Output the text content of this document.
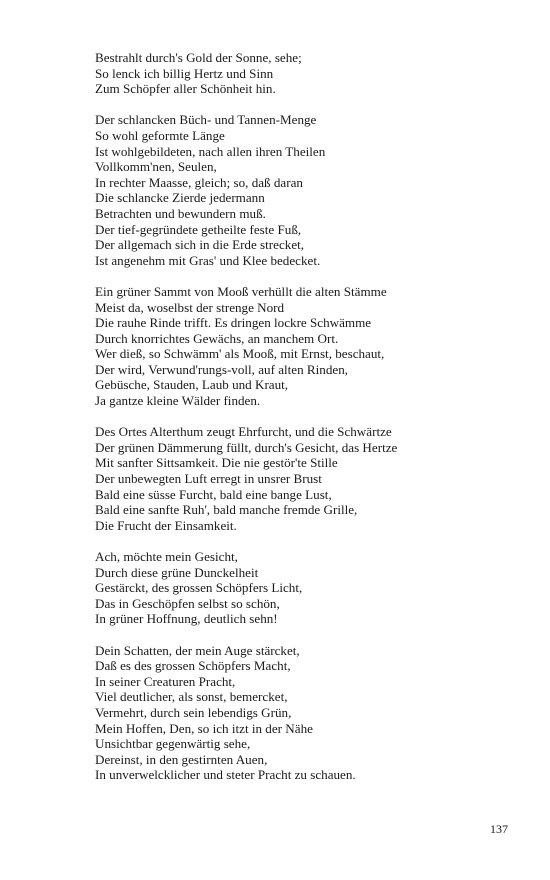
Bestrahlt durch's Gold der Sonne, sehe;
So lenck ich billig Hertz und Sinn
Zum Schöpfer aller Schönheit hin.
Der schlancken Büch- und Tannen-Menge
So wohl geformte Länge
Ist wohlgebildeten, nach allen ihren Theilen
Vollkomm'nen, Seulen,
In rechter Maasse, gleich; so, daß daran
Die schlancke Zierde jedermann
Betrachten und bewundern muß.
Der tief-gegründete getheilte feste Fuß,
Der allgemach sich in die Erde strecket,
Ist angenehm mit Gras' und Klee bedecket.
Ein grüner Sammt von Mooß verhüllt die alten Stämme
Meist da, woselbst der strenge Nord
Die rauhe Rinde trifft. Es dringen lockre Schwämme
Durch knorrichtes Gewächs, an manchem Ort.
Wer dieß, so Schwämm' als Mooß, mit Ernst, beschaut,
Der wird, Verwund'rungs-voll, auf alten Rinden,
Gebüsche, Stauden, Laub und Kraut,
Ja gantze kleine Wälder finden.
Des Ortes Alterthum zeugt Ehrfurcht, und die Schwärtze
Der grünen Dämmerung füllt, durch's Gesicht, das Hertze
Mit sanfter Sittsamkeit. Die nie gestör'te Stille
Der unbewegten Luft erregt in unsrer Brust
Bald eine süsse Furcht, bald eine bange Lust,
Bald eine sanfte Ruh', bald manche fremde Grille,
Die Frucht der Einsamkeit.
Ach, möchte mein Gesicht,
Durch diese grüne Dunckelheit
Gestärckt, des grossen Schöpfers Licht,
Das in Geschöpfen selbst so schön,
In grüner Hoffnung, deutlich sehn!
Dein Schatten, der mein Auge stärcket,
Daß es des grossen Schöpfers Macht,
In seiner Creaturen Pracht,
Viel deutlicher, als sonst, bemercket,
Vermehrt, durch sein lebendigs Grün,
Mein Hoffen, Den, so ich itzt in der Nähe
Unsichtbar gegenwärtig sehe,
Dereinst, in den gestirnten Auen,
In unverwelcklicher und steter Pracht zu schauen.
137
